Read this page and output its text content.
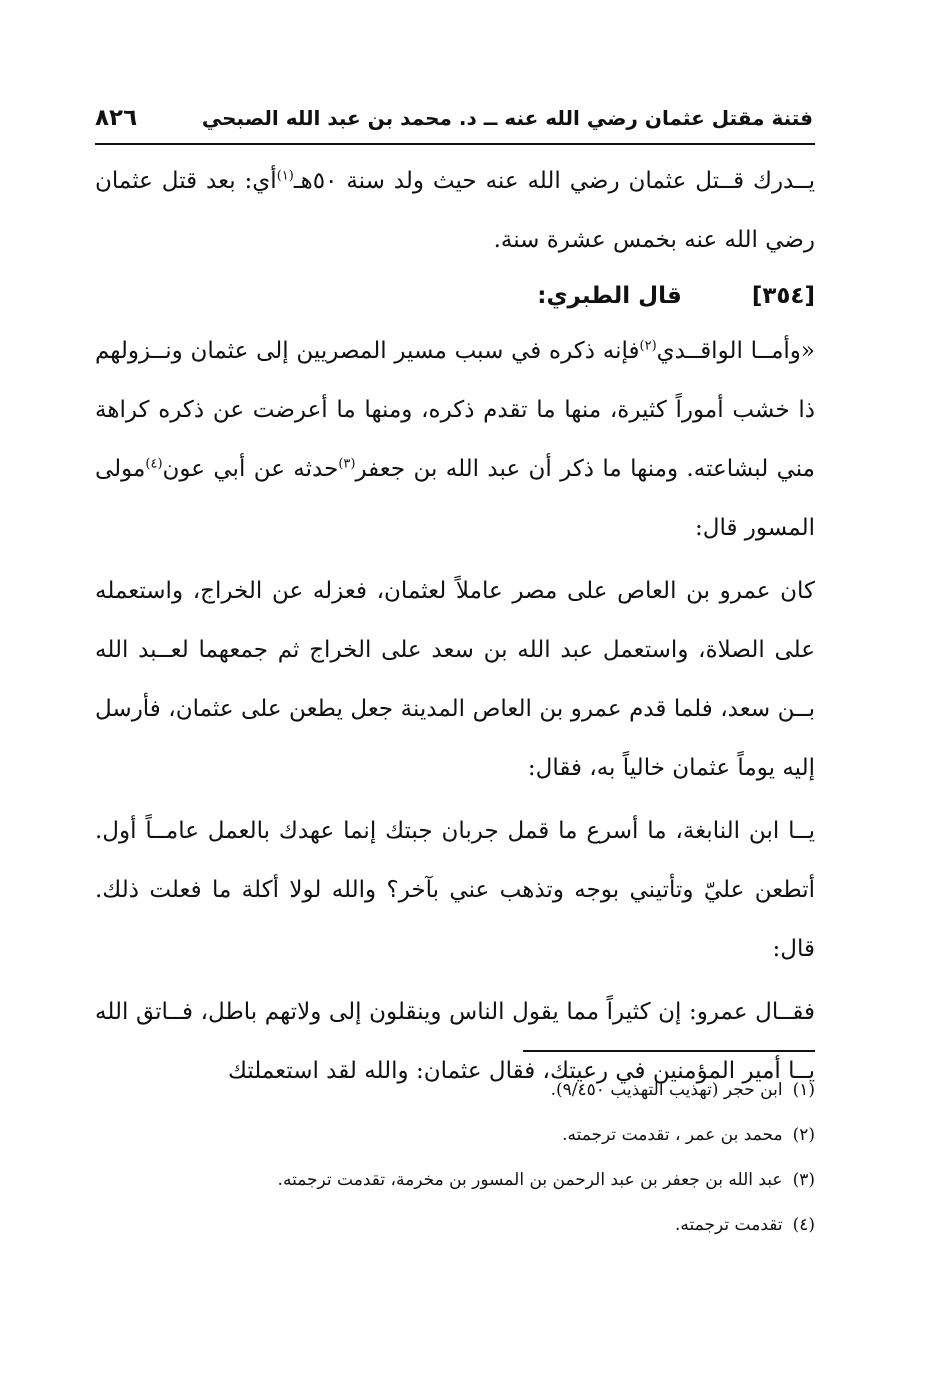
فتنة مقتل عثمان رضي الله عنه ــ د. محمد بن عبد الله الصبحي
٨٢٦

يــدرك قــتل عثمان رضي الله عنه حيث ولد سنة ٥٠هـ$^{(١)}$أي: بعد قتل عثمان رضي الله عنه بخمس عشرة سنة.

[٣٥٤]قال الطبري:

«وأمــا الواقــدي$^{(٢)}$فإنه ذكره في سبب مسير المصريين إلى عثمان ونــزولهم ذا خشب أموراً كثيرة، منها ما تقدم ذكره، ومنها ما أعرضت عن ذكره كراهة مني لبشاعته. ومنها ما ذكر أن عبد الله بن جعفر$^{(٣)}$حدثه عن أبي عون$^{(٤)}$مولى المسور قال:

كان عمرو بن العاص على مصر عاملاً لعثمان، فعزله عن الخراج، واستعمله على الصلاة، واستعمل عبد الله بن سعد على الخراج ثم جمعهما لعــبد الله بــن سعد، فلما قدم عمرو بن العاص المدينة جعل يطعن على عثمان، فأرسل إليه يوماً عثمان خالياً به، فقال:

يــا ابن النابغة، ما أسرع ما قمل جربان جبتك إنما عهدك بالعمل عامــاً أول. أتطعن عليّ وتأتيني بوجه وتذهب عني بآخر؟ والله لولا أكلة ما فعلت ذلك. قال:

فقــال عمرو: إن كثيراً مما يقول الناس وينقلون إلى ولاتهم باطل، فــاتق الله يــا أمير المؤمنين في رعيتك، فقال عثمان: والله لقد استعملتك

(١)ابن حجر (تهذيب التهذيب ٩/٤٥٠).

(٢)محمد بن عمر ، تقدمت ترجمته.

(٣)عبد الله بن جعفر بن عبد الرحمن بن المسور بن مخرمة، تقدمت ترجمته.

(٤)تقدمت ترجمته.
